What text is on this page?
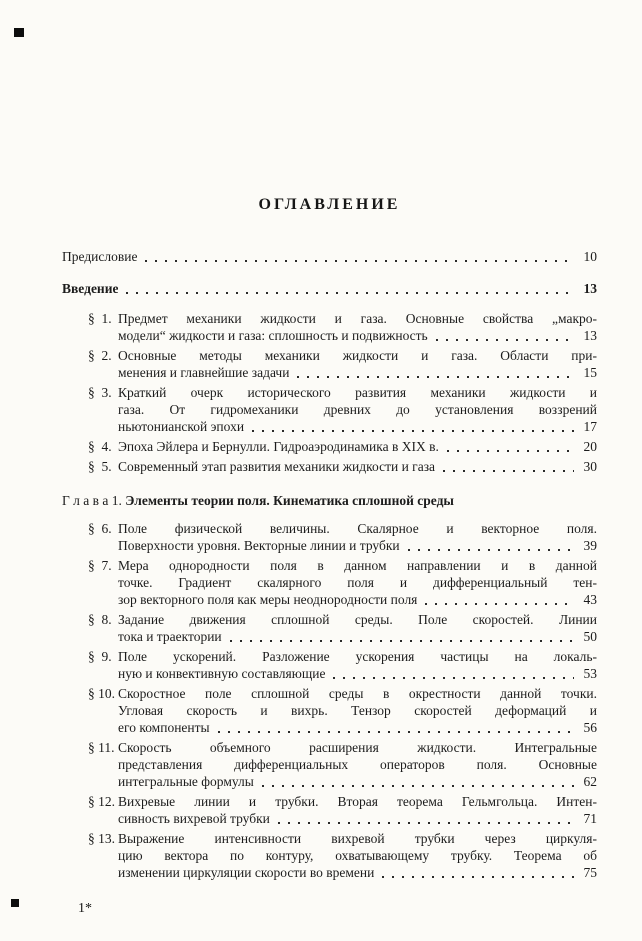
ОГЛАВЛЕНИЕ
Предисловие	10
Введение	13
§  1. Предмет механики жидкости и газа. Основные свойства „макро-
модели“ жидкости и газа: сплошность и подвижность	13
§  2. Основные методы механики жидкости и газа. Области при-
менения и главнейшие задачи	15
§  3. Краткий очерк исторического развития механики жидкости и
газа. От гидромеханики древних до установления воззрений
ньютонианской эпохи	17
§  4. Эпоха Эйлера и Бернулли. Гидроаэродинамика в XIX в.	20
§  5. Современный этап развития механики жидкости и газа	30
Г л а в а 1. Элементы теории поля. Кинематика сплошной среды
§  6. Поле физической величины. Скалярное и векторное поля.
Поверхности уровня. Векторные линии и трубки	39
§  7. Мера однородности поля в данном направлении и в данной
точке. Градиент скалярного поля и дифференциальный тен-
зор векторного поля как меры неоднородности поля	43
§  8. Задание движения сплошной среды. Поле скоростей. Линии
тока и траектории	50
§  9. Поле ускорений. Разложение ускорения частицы на локаль-
ную и конвективную составляющие	53
§ 10. Скоростное поле сплошной среды в окрестности данной точки.
Угловая скорость и вихрь. Тензор скоростей деформаций и
его компоненты	56
§ 11. Скорость объемного расширения жидкости. Интегральные
представления дифференциальных операторов поля. Основные
интегральные формулы	62
§ 12. Вихревые линии и трубки. Вторая теорема Гельмгольца. Интен-
сивность вихревой трубки	71
§ 13. Выражение интенсивности вихревой трубки через циркуля-
цию вектора по контуру, охватывающему трубку. Теорема об
изменении циркуляции скорости во времени	75
1*
